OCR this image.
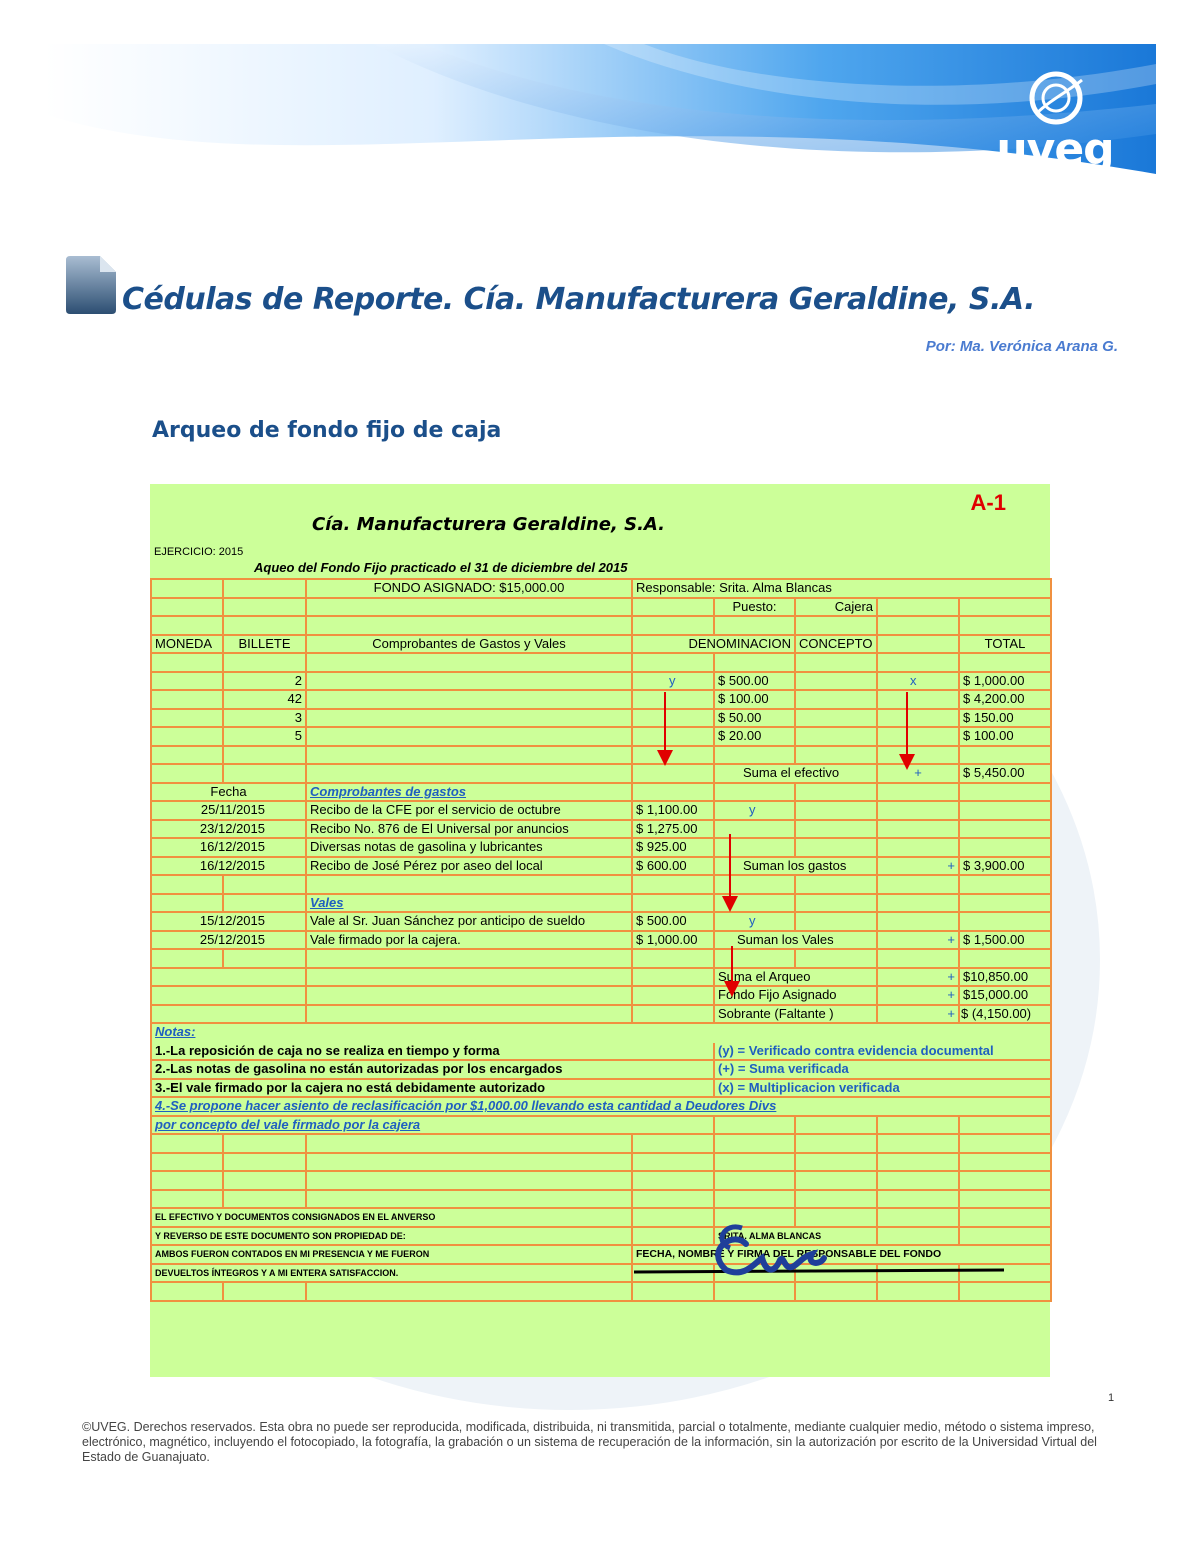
uveg
universidad virtual del estado de guanajuato
Cédulas de Reporte. Cía. Manufacturera Geraldine, S.A.
Por: Ma. Verónica Arana G.
Arqueo de fondo fijo de caja
A-1
Cía. Manufacturera Geraldine, S.A.
EJERCICIO: 2015
Aqueo del Fondo Fijo practicado el 31 de diciembre del 2015
		FONDO ASIGNADO: $15,000.00	Responsable: Srita. Alma Blancas				
				Puesto:	Cajera		

MONEDA	BILLETE	Comprobantes de Gastos y Vales	DENOMINACION		CONCEPTO		TOTAL

	2		y	$ 500.00		x	$ 1,000.00
	42			$ 100.00			$ 4,200.00
	3			$ 50.00			$ 150.00
	5			$ 20.00			$ 100.00

				Suma el efectivo		+	$ 5,450.00
Fecha		Comprobantes de gastos					
25/11/2015		Recibo de la CFE por el servicio de octubre	$ 1,100.00	y			
23/12/2015		Recibo No. 876 de El Universal por anuncios	$ 1,275.00				
16/12/2015		Diversas notas de gasolina y lubricantes	$ 925.00				
16/12/2015		Recibo de José Pérez por aseo del local	$ 600.00	Suman los gastos		+	$ 3,900.00

		Vales					
15/12/2015		Vale al Sr. Juan Sánchez por anticipo de sueldo	$ 500.00	y			
25/12/2015		Vale firmado por la cajera.	$ 1,000.00	Suman los Vales		+	$ 1,500.00

				Suma el Arqueo		+	$10,850.00
				Fondo Fijo Asignado		+	$15,000.00
				Sobrante (Faltante )		+	$ (4,150.00)
Notas:							
1.-La reposición de caja no se realiza en tiempo y forma				(y) = Verificado contra evidencia documental			
2.-Las notas de gasolina no están autorizadas por los encargados				(+) = Suma verificada			
3.-El vale firmado por la cajera no está debidamente autorizado				(x) = Multiplicacion verificada			
4.-Se propone hacer asiento de reclasificación por $1,000.00 llevando esta cantidad a Deudores Divs							
por concepto del vale firmado por la cajera							

EL EFECTIVO Y DOCUMENTOS CONSIGNADOS EN EL ANVERSO							
Y REVERSO DE ESTE DOCUMENTO SON PROPIEDAD DE:				SRITA. ALMA BLANCAS			
AMBOS FUERON CONTADOS EN MI PRESENCIA Y ME FUERON			FECHA, NOMBRE Y FIRMA DEL RESPONSABLE DEL FONDO				
DEVUELTOS ÍNTEGROS Y A MI ENTERA SATISFACCION.							

1
©UVEG. Derechos reservados. Esta obra no puede ser reproducida, modificada, distribuida, ni transmitida, parcial o totalmente, mediante cualquier medio, método o sistema impreso, electrónico, magnético, incluyendo el fotocopiado, la fotografía, la grabación o un sistema de recuperación de la información, sin la autorización por escrito de la Universidad Virtual del Estado de Guanajuato.
